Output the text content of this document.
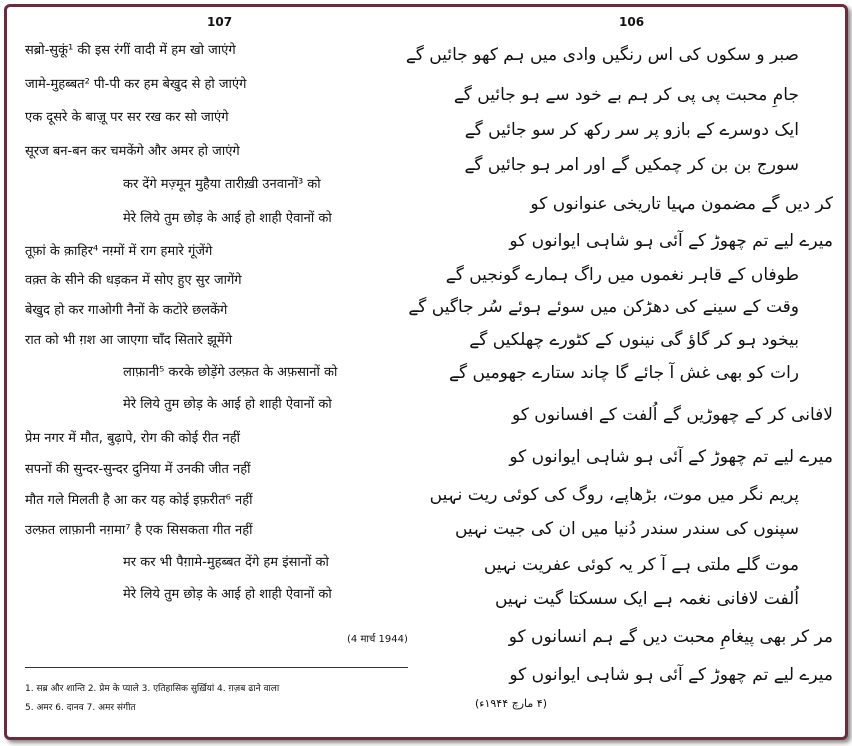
107
(4 मार्च 1944)
1. सब्र और शान्ति 2. प्रेम के प्याले 3. एतिहासिक सुर्ख़ियां 4. ग़ज़ब ढाने वाला
5. अमर 6. दानव 7. अमर संगीत
सब्रो-सुकूं¹ की इस रंगीं वादी में हम खो जाएंगे
जामे-मुहब्बत² पी-पी कर हम बेखुद से हो जाएंगे
एक दूसरे के बाज़ू पर सर रख कर सो जाएंगे
सूरज बन-बन कर चमकेंगे और अमर हो जाएंगे
कर देंगे मज़्मून मुहैया तारीख़ी उनवानों³ को
मेरे लिये तुम छोड़ के आई हो शाही ऐवानों को
तूफ़ां के क़ाहिर⁴ नग़्मों में राग हमारे गूंजेंगे
वक़्त के सीने की धड़कन में सोए हुए सुर जागेंगे
बेखुद हो कर गाओगी नैनों के कटोरे छलकेंगे
रात को भी ग़श आ जाएगा चाँद सितारे झूमेंगे
लाफ़ानी⁵ करके छोड़ेंगे उल्फ़त के अफ़सानों को
मेरे लिये तुम छोड़ के आई हो शाही ऐवानों को
प्रेम नगर में मौत, बुढ़ापे, रोग की कोई रीत नहीं
सपनों की सुन्दर-सुन्दर दुनिया में उनकी जीत नहीं
मौत गले मिलती है आ कर यह कोई इफ़रीत⁶ नहीं
उल्फ़त लाफ़ानी नग़मा⁷ है एक सिसकता गीत नहीं
मर कर भी पैग़ामे-मुहब्बत देंगे हम इंसानों को
मेरे लिये तुम छोड़ के आई हो शाही ऐवानों को
106
(۴ مارچ ۱۹۴۴ء)
صبر و سکوں کی اس رنگیں وادی میں ہم کھو جائیں گے
جامِ محبت پی پی کر ہم بے خود سے ہو جائیں گے
ایک دوسرے کے بازو پر سر رکھ کر سو جائیں گے
سورج بن بن کر چمکیں گے اور امر ہو جائیں گے
کر دیں گے مضمون مہیا تاریخی عنوانوں کو
میرے لیے تم چھوڑ کے آئی ہو شاہی ایوانوں کو
طوفاں کے قاہر نغموں میں راگ ہمارے گونجیں گے
وقت کے سینے کی دھڑکن میں سوئے ہوئے سُر جاگیں گے
بیخود ہو کر گاؤ گی نینوں کے کٹورے چھلکیں گے
رات کو بھی غش آ جائے گا چاند ستارے جھومیں گے
لافانی کر کے چھوڑیں گے اُلفت کے افسانوں کو
میرے لیے تم چھوڑ کے آئی ہو شاہی ایوانوں کو
پریم نگر میں موت، بڑھاپے، روگ کی کوئی ریت نہیں
سپنوں کی سندر سندر دُنیا میں ان کی جیت نہیں
موت گلے ملتی ہے آ کر یہ کوئی عفریت نہیں
اُلفت لافانی نغمہ ہے ایک سسکتا گیت نہیں
مر کر بھی پیغامِ محبت دیں گے ہم انسانوں کو
میرے لیے تم چھوڑ کے آئی ہو شاہی ایوانوں کو
